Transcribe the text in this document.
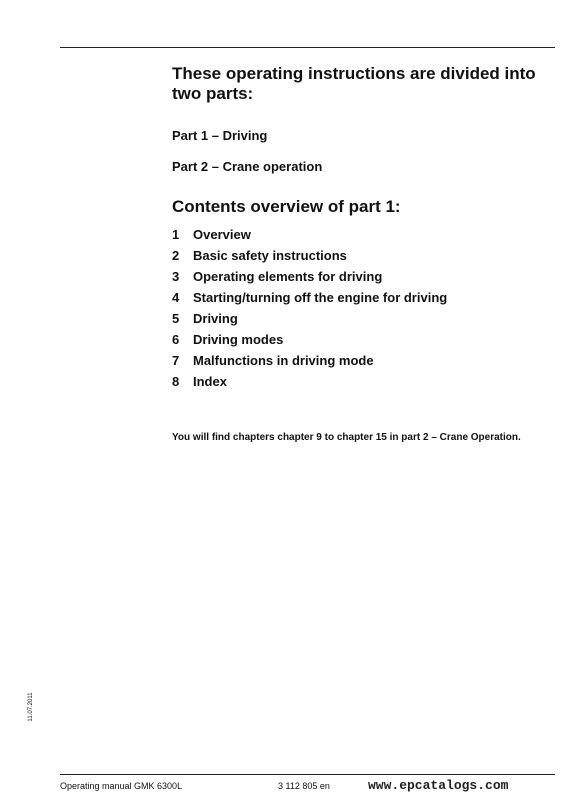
These operating instructions are divided into two parts:

Part 1 – Driving

Part 2 – Crane operation

Contents overview of part 1:
1 Overview
2 Basic safety instructions
3 Operating elements for driving
4 Starting/turning off the engine for driving
5 Driving
6 Driving modes
7 Malfunctions in driving mode
8 Index

You will find chapters chapter 9 to chapter 15 in part 2 – Crane Operation.

11.07.2011
Operating manual GMK 6300L	3 112 805 en	www.epcatalogs.com
